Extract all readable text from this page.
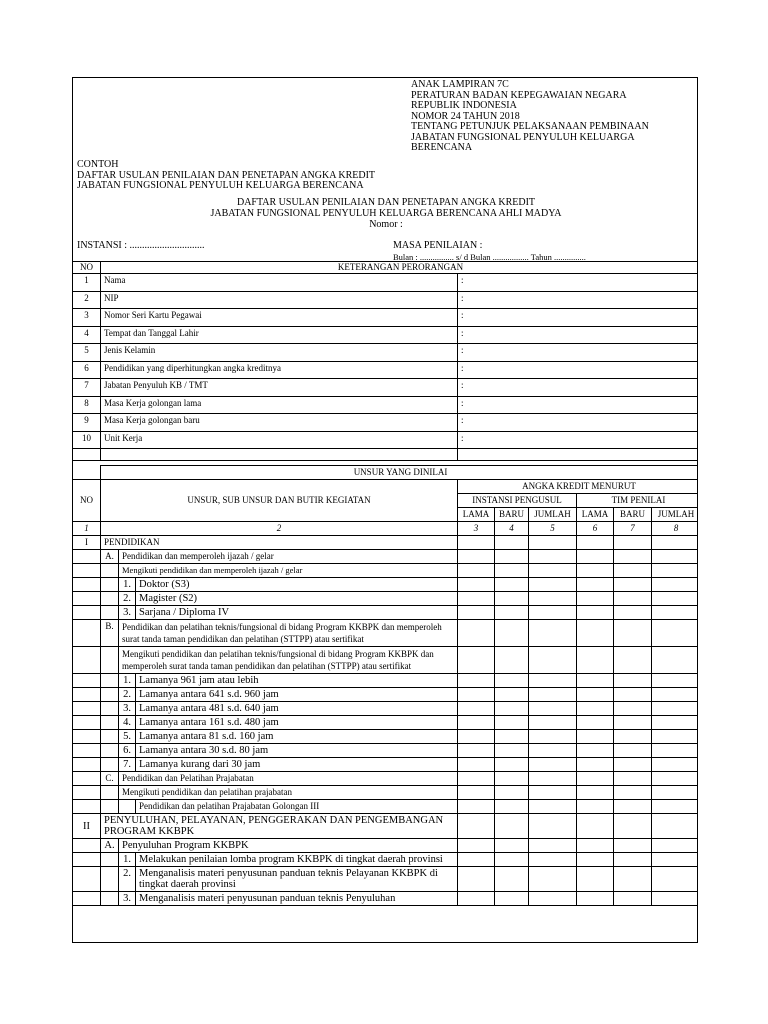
ANAK LAMPIRAN 7C
PERATURAN BADAN KEPEGAWAIAN NEGARA
REPUBLIK INDONESIA
NOMOR 24 TAHUN 2018
TENTANG PETUNJUK PELAKSANAAN PEMBINAAN
JABATAN FUNGSIONAL PENYULUH KELUARGA
BERENCANA
CONTOH
DAFTAR USULAN PENILAIAN DAN PENETAPAN ANGKA KREDIT
JABATAN FUNGSIONAL PENYULUH KELUARGA BERENCANA
DAFTAR USULAN PENILAIAN DAN PENETAPAN ANGKA KREDIT
JABATAN FUNGSIONAL PENYULUH KELUARGA BERENCANA AHLI MADYA
Nomor :
INSTANSI : ..............................	MASA PENILAIAN :
Bulan : ................ s/ d Bulan ................. Tahun ...............
NO	KETERANGAN PERORANGAN	
1	Nama	:
2	NIP	:
3	Nomor Seri Kartu Pegawai	:
4	Tempat dan Tanggal Lahir	:
5	Jenis Kelamin	:
6	Pendidikan yang diperhitungkan angka kreditnya	:
7	Jabatan Penyuluh KB / TMT	:
8	Masa Kerja golongan lama	:
9	Masa Kerja golongan baru	:
10	Unit Kerja	:

	UNSUR YANG DINILAI								
NO	UNSUR, SUB UNSUR DAN BUTIR KEGIATAN			ANGKA KREDIT MENURUT					
				INSTANSI PENGUSUL			TIM PENILAI		
				LAMA	BARU	JUMLAH	LAMA	BARU	JUMLAH
1	2			3	4	5	6	7	8
I	PENDIDIKAN								
	A.	Pendidikan dan memperoleh ijazah / gelar							
		Mengikuti pendidikan dan memperoleh ijazah / gelar							
		1.	Doktor (S3)						
		2.	Magister (S2)						
		3.	Sarjana / Diploma IV						
	B.	Pendidikan dan pelatihan teknis/fungsional di bidang Program KKBPK dan memperoleh surat tanda taman pendidikan dan pelatihan (STTPP) atau sertifikat							
		Mengikuti pendidikan dan pelatihan teknis/fungsional di bidang Program KKBPK dan memperoleh surat tanda taman pendidikan dan pelatihan (STTPP) atau sertifikat							
		1.	Lamanya 961 jam atau lebih						
		2.	Lamanya antara 641 s.d. 960 jam						
		3.	Lamanya antara 481 s.d. 640 jam						
		4.	Lamanya antara 161 s.d. 480 jam						
		5.	Lamanya antara 81 s.d. 160 jam						
		6.	Lamanya antara 30 s.d. 80 jam						
		7.	Lamanya kurang dari 30 jam						
	C.	Pendidikan dan Pelatihan Prajabatan							
		Mengikuti pendidikan dan pelatihan prajabatan							
			Pendidikan dan pelatihan Prajabatan Golongan III						
II	PENYULUHAN, PELAYANAN, PENGGERAKAN DAN PENGEMBANGAN PROGRAM KKBPK								
	A.	Penyuluhan Program KKBPK							
		1.	Melakukan penilaian lomba program KKBPK di tingkat daerah provinsi						
		2.	Menganalisis materi penyusunan panduan teknis Pelayanan KKBPK di tingkat daerah provinsi						
		3.	Menganalisis materi penyusunan panduan teknis Penyuluhan						
